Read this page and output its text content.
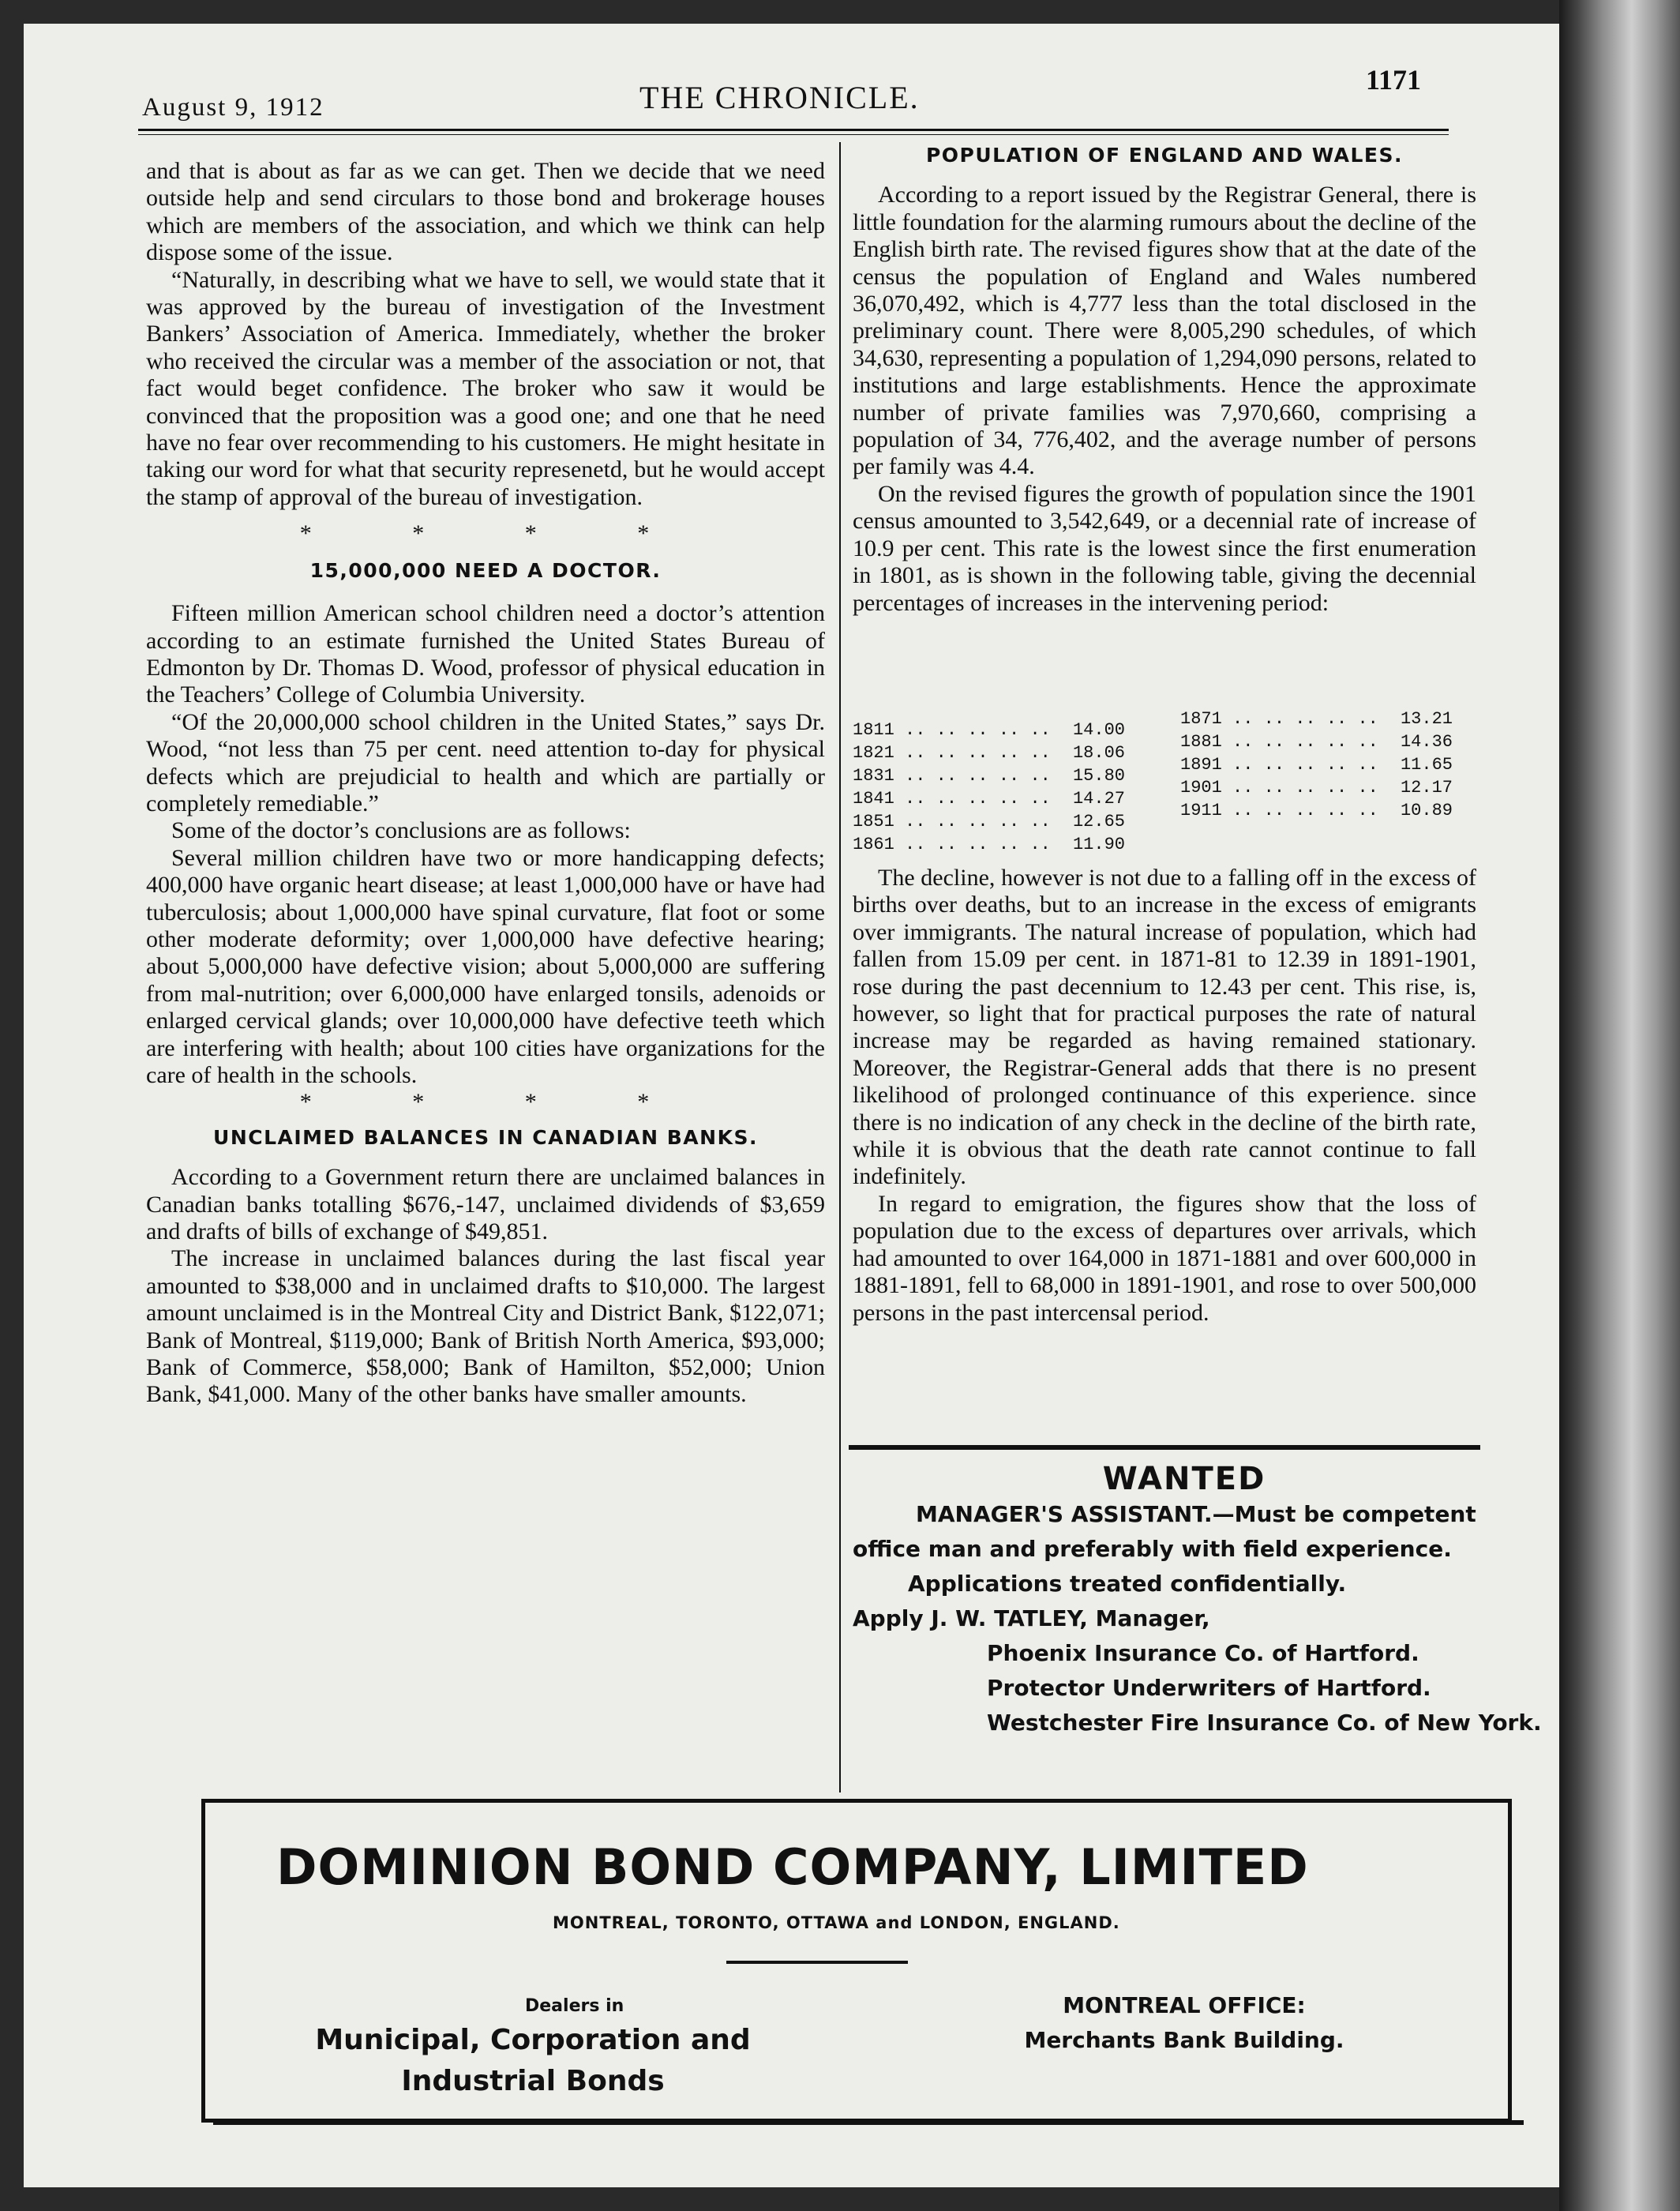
August 9, 1912	THE CHRONICLE.	1171

and that is about as far as we can get. Then we decide that we need outside help and send circulars to those bond and brokerage houses which are members of the association, and which we think can help dispose some of the issue.

“Naturally, in describing what we have to sell, we would state that it was approved by the bureau of investigation of the Investment Bankers’ Association of America. Immediately, whether the broker who received the circular was a member of the association or not, that fact would beget confidence. The broker who saw it would be convinced that the proposition was a good one; and one that he need have no fear over recommending to his customers. He might hesitate in taking our word for what that security represenetd, but he would accept the stamp of approval of the bureau of investigation.

* * * *

15,000,000 NEED A DOCTOR.

Fifteen million American school children need a doctor’s attention according to an estimate furnished the United States Bureau of Edmonton by Dr. Thomas D. Wood, professor of physical education in the Teachers’ College of Columbia University.

“Of the 20,000,000 school children in the United States,” says Dr. Wood, “not less than 75 per cent. need attention to-day for physical defects which are prejudicial to health and which are partially or completely remediable.”

Some of the doctor’s conclusions are as follows:

Several million children have two or more handicapping defects; 400,000 have organic heart disease; at least 1,000,000 have or have had tuberculosis; about 1,000,000 have spinal curvature, flat foot or some other moderate deformity; over 1,000,000 have defective hearing; about 5,000,000 have defective vision; about 5,000,000 are suffering from mal-nutrition; over 6,000,000 have enlarged tonsils, adenoids or enlarged cervical glands; over 10,000,000 have defective teeth which are interfering with health; about 100 cities have organizations for the care of health in the schools.

* * * *

UNCLAIMED BALANCES IN CANADIAN BANKS.

According to a Government return there are unclaimed balances in Canadian banks totalling $676,-147, unclaimed dividends of $3,659 and drafts of bills of exchange of $49,851.

The increase in unclaimed balances during the last fiscal year amounted to $38,000 and in unclaimed drafts to $10,000. The largest amount unclaimed is in the Montreal City and District Bank, $122,071; Bank of Montreal, $119,000; Bank of British North America, $93,000; Bank of Commerce, $58,000; Bank of Hamilton, $52,000; Union Bank, $41,000. Many of the other banks have smaller amounts.

POPULATION OF ENGLAND AND WALES.

According to a report issued by the Registrar General, there is little foundation for the alarming rumours about the decline of the English birth rate. The revised figures show that at the date of the census the population of England and Wales numbered 36,070,492, which is 4,777 less than the total disclosed in the preliminary count. There were 8,005,290 schedules, of which 34,630, representing a population of 1,294,090 persons, related to institutions and large establishments. Hence the approximate number of private families was 7,970,660, comprising a population of 34, 776,402, and the average number of persons per family was 4.4.

On the revised figures the growth of population since the 1901 census amounted to 3,542,649, or a decennial rate of increase of 10.9 per cent. This rate is the lowest since the first enumeration in 1801, as is shown in the following table, giving the decennial percentages of increases in the intervening period:

1811 .. .. .. .. .. 14.00
1821 .. .. .. .. .. 18.06
1831 .. .. .. .. .. 15.80
1841 .. .. .. .. .. 14.27
1851 .. .. .. .. .. 12.65
1861 .. .. .. .. .. 11.90
1871 .. .. .. .. .. 13.21
1881 .. .. .. .. .. 14.36
1891 .. .. .. .. .. 11.65
1901 .. .. .. .. .. 12.17
1911 .. .. .. .. .. 10.89

The decline, however is not due to a falling off in the excess of births over deaths, but to an increase in the excess of emigrants over immigrants. The natural increase of population, which had fallen from 15.09 per cent. in 1871-81 to 12.39 in 1891-1901, rose during the past decennium to 12.43 per cent. This rise, is, however, so light that for practical purposes the rate of natural increase may be regarded as having remained stationary. Moreover, the Registrar-General adds that there is no present likelihood of prolonged continuance of this experience. since there is no indication of any check in the decline of the birth rate, while it is obvious that the death rate cannot continue to fall indefinitely.

In regard to emigration, the figures show that the loss of population due to the excess of departures over arrivals, which had amounted to over 164,000 in 1871-1881 and over 600,000 in 1881-1891, fell to 68,000 in 1891-1901, and rose to over 500,000 persons in the past intercensal period.

WANTED
MANAGER'S ASSISTANT.—Must be competent
office man and preferably with field experience.
Applications treated confidentially.
Apply J. W. TATLEY, Manager,
Phoenix Insurance Co. of Hartford.
Protector Underwriters of Hartford.
Westchester Fire Insurance Co. of New York.
DOMINION BOND COMPANY, LIMITED
MONTREAL, TORONTO, OTTAWA and LONDON, ENGLAND.
Dealers in
Municipal, Corporation and
Industrial Bonds
MONTREAL OFFICE:
Merchants Bank Building.
